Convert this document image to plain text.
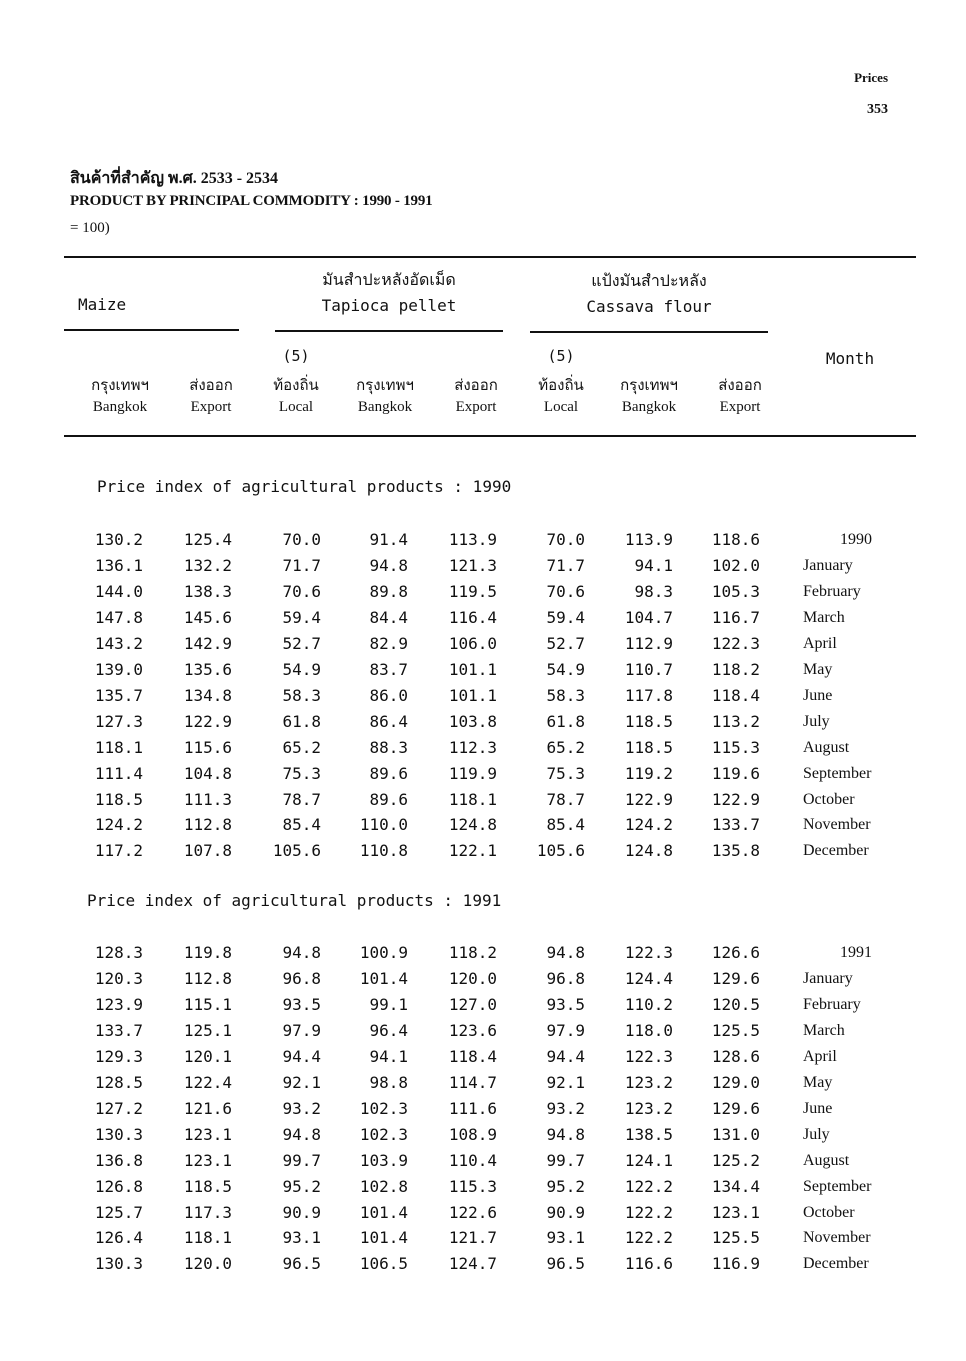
Prices
353
สินค้าที่สำคัญ พ.ศ. 2533 - 2534
PRODUCT BY PRINCIPAL COMMODITY : 1990 - 1991
= 100)
Maize
มันสำปะหลังอัดเม็ด
Tapioca pellet
แป้งมันสำปะหลัง
Cassava flour
กรุงเทพฯ
Bangkok
ส่งออก
Export
(5)
ท้องถิ่น
Local
กรุงเทพฯ
Bangkok
ส่งออก
Export
(5)
ท้องถิ่น
Local
กรุงเทพฯ
Bangkok
ส่งออก
Export
Month
Price index of agricultural products : 1990
Price index of agricultural products : 1991
130.2	125.4	70.0	91.4	113.9	70.0	113.9	118.6	1990
136.1	132.2	71.7	94.8	121.3	71.7	94.1	102.0	January
144.0	138.3	70.6	89.8	119.5	70.6	98.3	105.3	February
147.8	145.6	59.4	84.4	116.4	59.4	104.7	116.7	March
143.2	142.9	52.7	82.9	106.0	52.7	112.9	122.3	April
139.0	135.6	54.9	83.7	101.1	54.9	110.7	118.2	May
135.7	134.8	58.3	86.0	101.1	58.3	117.8	118.4	June
127.3	122.9	61.8	86.4	103.8	61.8	118.5	113.2	July
118.1	115.6	65.2	88.3	112.3	65.2	118.5	115.3	August
111.4	104.8	75.3	89.6	119.9	75.3	119.2	119.6	September
118.5	111.3	78.7	89.6	118.1	78.7	122.9	122.9	October
124.2	112.8	85.4	110.0	124.8	85.4	124.2	133.7	November
117.2	107.8	105.6	110.8	122.1	105.6	124.8	135.8	December
128.3	119.8	94.8	100.9	118.2	94.8	122.3	126.6	1991
120.3	112.8	96.8	101.4	120.0	96.8	124.4	129.6	January
123.9	115.1	93.5	99.1	127.0	93.5	110.2	120.5	February
133.7	125.1	97.9	96.4	123.6	97.9	118.0	125.5	March
129.3	120.1	94.4	94.1	118.4	94.4	122.3	128.6	April
128.5	122.4	92.1	98.8	114.7	92.1	123.2	129.0	May
127.2	121.6	93.2	102.3	111.6	93.2	123.2	129.6	June
130.3	123.1	94.8	102.3	108.9	94.8	138.5	131.0	July
136.8	123.1	99.7	103.9	110.4	99.7	124.1	125.2	August
126.8	118.5	95.2	102.8	115.3	95.2	122.2	134.4	September
125.7	117.3	90.9	101.4	122.6	90.9	122.2	123.1	October
126.4	118.1	93.1	101.4	121.7	93.1	122.2	125.5	November
130.3	120.0	96.5	106.5	124.7	96.5	116.6	116.9	December
